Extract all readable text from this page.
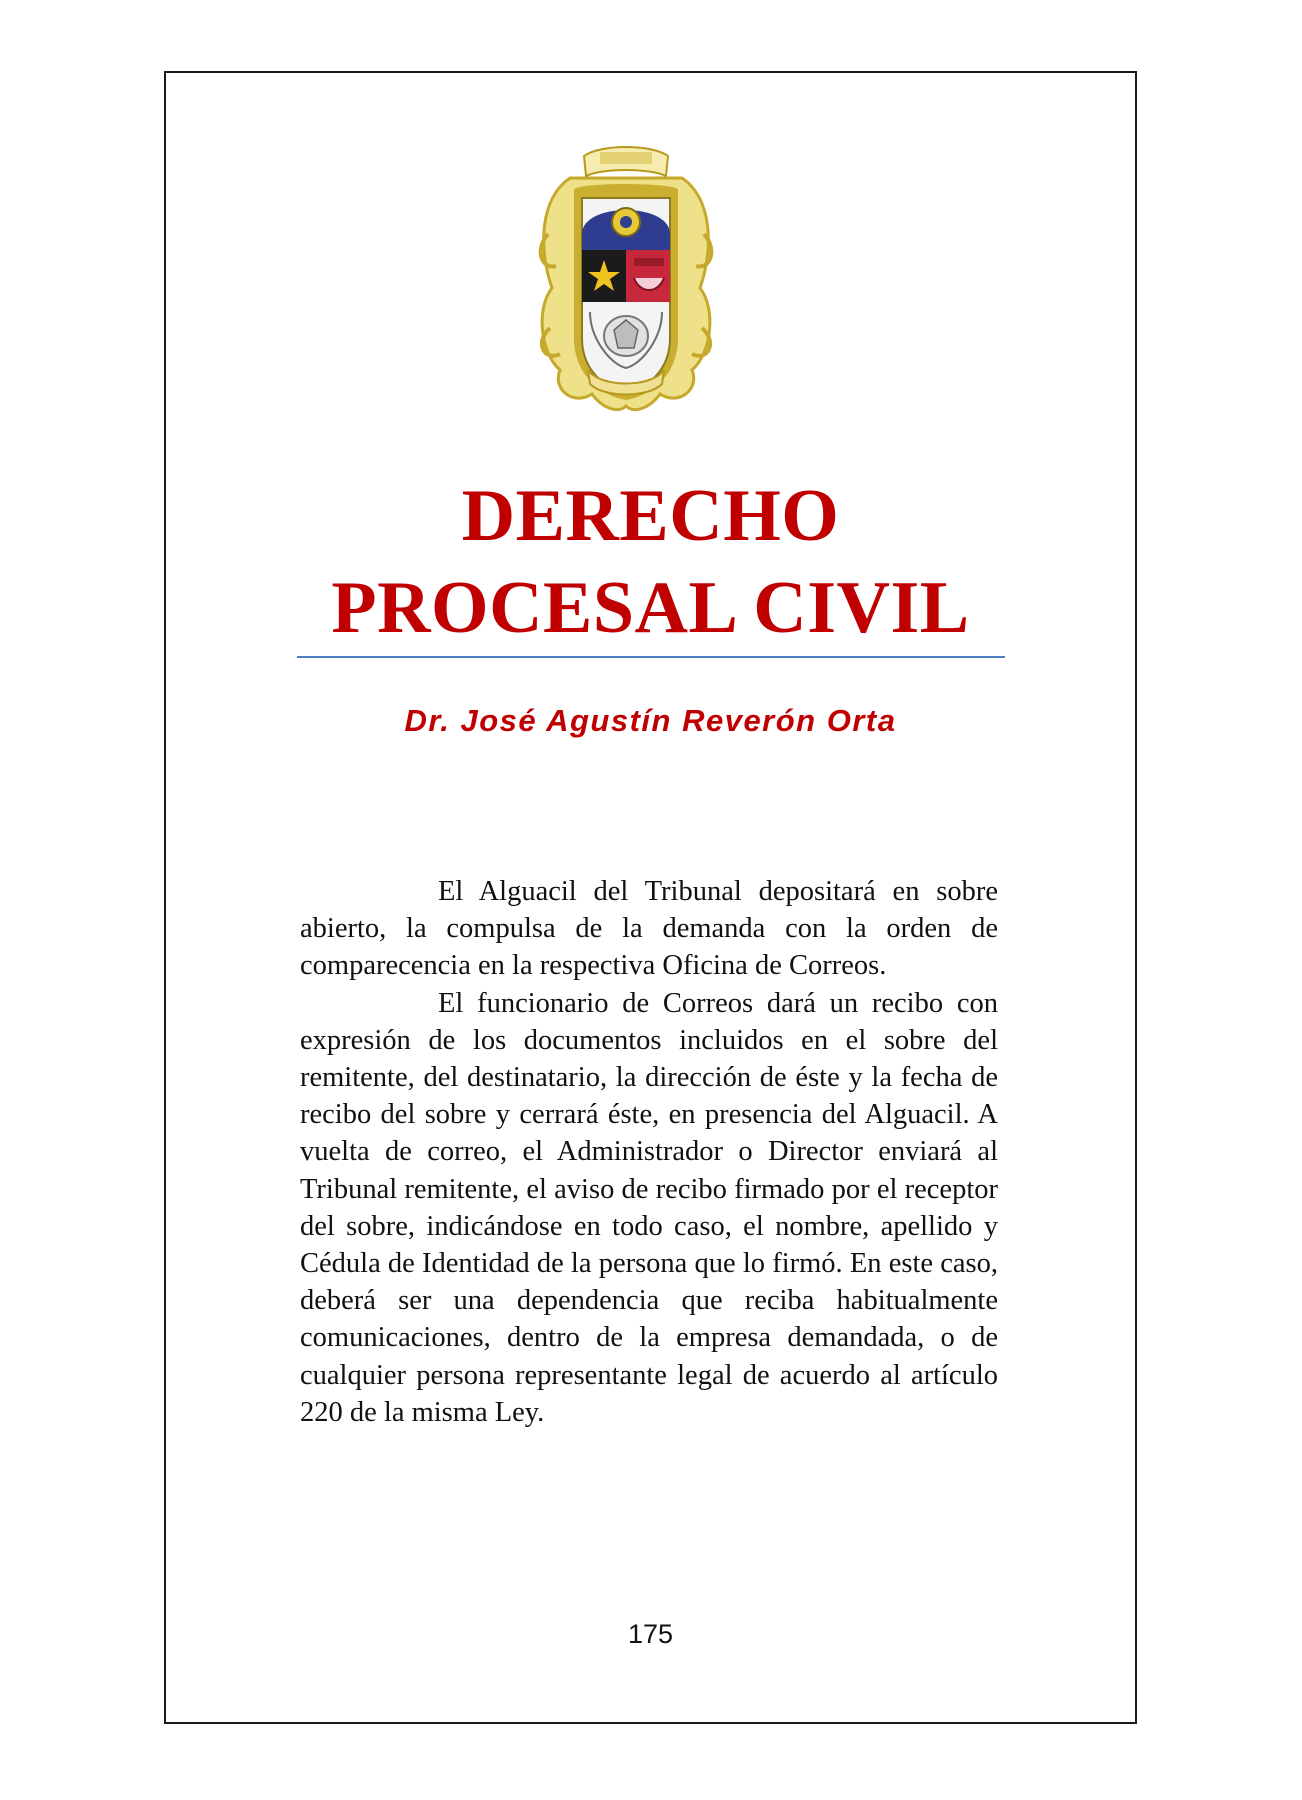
DERECHO
PROCESAL CIVIL
Dr. José Agustín Reverón Orta

El Alguacil del Tribunal depositará en sobre abierto, la compulsa de la demanda con la orden de comparecencia en la respectiva Oficina de Correos.

El funcionario de Correos dará un recibo con expresión de los documentos incluidos en el sobre del remitente, del destinatario, la dirección de éste y la fecha de recibo del sobre y cerrará éste, en presencia del Alguacil. A vuelta de correo, el Administrador o Director enviará al Tribunal remitente, el aviso de recibo firmado por el receptor del sobre, indicándose en todo caso, el nombre, apellido y Cédula de Identidad de la persona que lo firmó. En este caso, deberá ser una dependencia que reciba habitualmente comunicaciones, dentro de la empresa demandada, o de cualquier persona representante legal de acuerdo al artículo 220 de la misma Ley.

175
